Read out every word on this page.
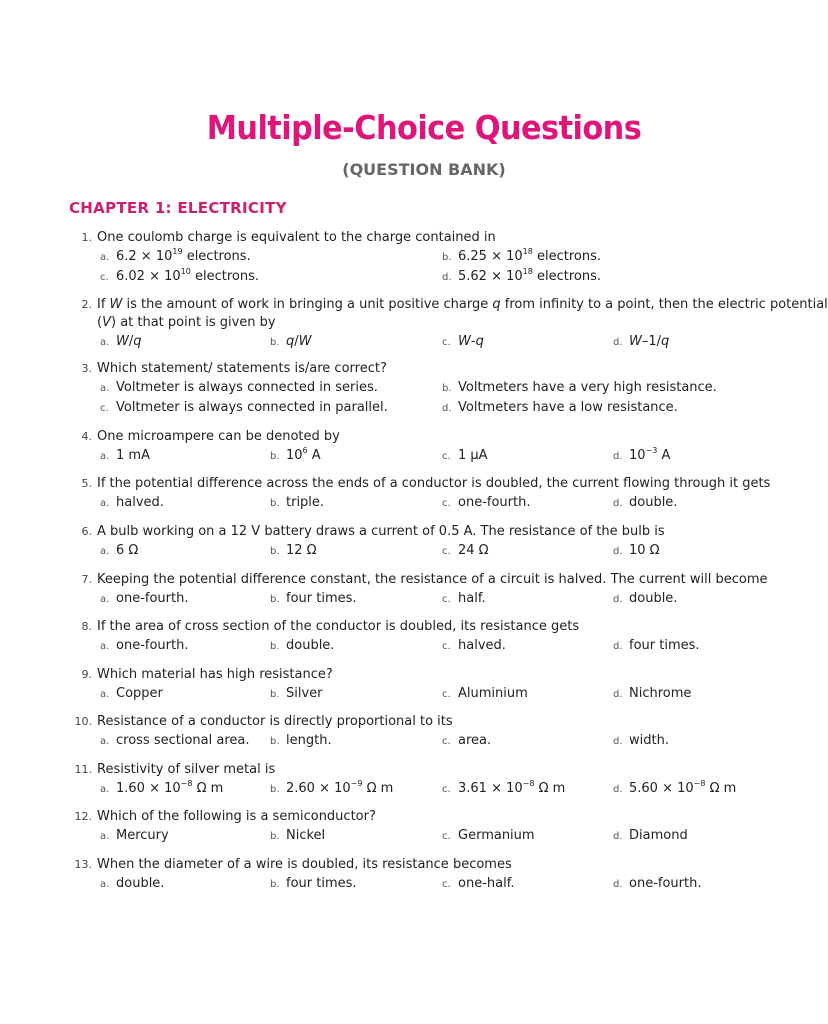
Multiple-Choice Questions
(QUESTION BANK)
CHAPTER 1: ELECTRICITY
1. One coulomb charge is equivalent to the charge contained in
a. $6.2 \times 10^{19}$ electrons.	b. $6.25 \times 10^{18}$ electrons.
c. $6.02 \times 10^{10}$ electrons.	d. $5.62 \times 10^{18}$ electrons.
2. If W is the amount of work in bringing a unit positive charge q from infinity to a point, then the electric potential
(V) at that point is given by
a. W/q	b. q/W	c. W-q	d. W–1/q
3. Which statement/ statements is/are correct?
a. Voltmeter is always connected in series.	b. Voltmeters have a very high resistance.
c. Voltmeter is always connected in parallel.	d. Voltmeters have a low resistance.
4. One microampere can be denoted by
a. 1 mA	b. $10^6$ A	c. 1 µA	d. $10^{-3}$ A
5. If the potential difference across the ends of a conductor is doubled, the current flowing through it gets
a. halved.	b. triple.	c. one-fourth.	d. double.
6. A bulb working on a 12 V battery draws a current of 0.5 A. The resistance of the bulb is
a. 6 Ω	b. 12 Ω	c. 24 Ω	d. 10 Ω
7. Keeping the potential difference constant, the resistance of a circuit is halved. The current will become
a. one-fourth.	b. four times.	c. half.	d. double.
8. If the area of cross section of the conductor is doubled, its resistance gets
a. one-fourth.	b. double.	c. halved.	d. four times.
9. Which material has high resistance?
a. Copper	b. Silver	c. Aluminium	d. Nichrome
10. Resistance of a conductor is directly proportional to its
a. cross sectional area. b. length.	c. area.	d. width.
11. Resistivity of silver metal is
a. $1.60 \times 10^{-8}$ Ω m	b. $2.60 \times 10^{-9}$ Ω m	c. $3.61 \times 10^{-8}$ Ω m	d. $5.60 \times 10^{-8}$ Ω m
12. Which of the following is a semiconductor?
a. Mercury	b. Nickel	c. Germanium	d. Diamond
13. When the diameter of a wire is doubled, its resistance becomes
a. double.	b. four times.	c. one-half.	d. one-fourth.
